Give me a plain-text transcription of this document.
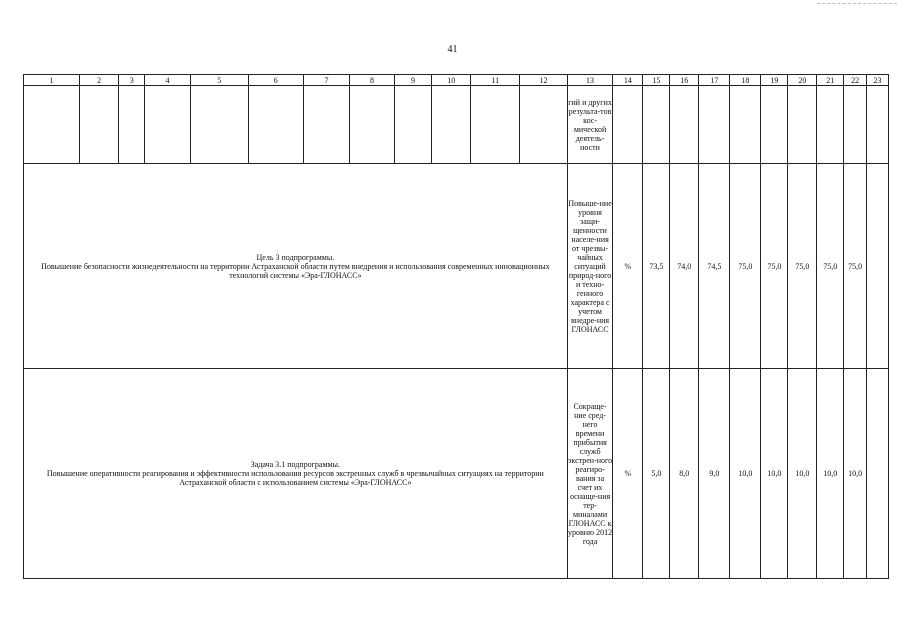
41
1	2	3	4	5	6	7	8	9	10	11	12	13	14	15	16	17	18	19	20	21	22	23
												гий и других результа-тов кос-мической деятель-ности										

Цель 3 подпрограммы.
Повышение безопасности жизнедеятельности на территории Астраханской области путем внедрения и использования современных инновационных технологий системы «Эра-ГЛОНАСС»												Повыше-ние уровня защи-щенности населе-ния от чрезвы-чайных ситуаций природ-ного и техно-генного характера с учетом внедре-ния ГЛОНАСС	%	73,5	74,0	74,5	75,0	75,0	75,0	75,0	75,0	

Задача 3.1 подпрограммы.
Повышение оперативности реагирования и эффективности использования ресурсов экстренных служб в чрезвычайных ситуациях на территории Астраханской области с использованием системы «Эра-ГЛОНАСС»												Сокраще-ние сред-него времени прибытия служб экстрен-ного реагиро-вания за счет их оснаще-ния тер-миналами ГЛОНАСС к уровню 2012 года	%	5,0	8,0	9,0	10,0	10,0	10,0	10,0	10,0	
